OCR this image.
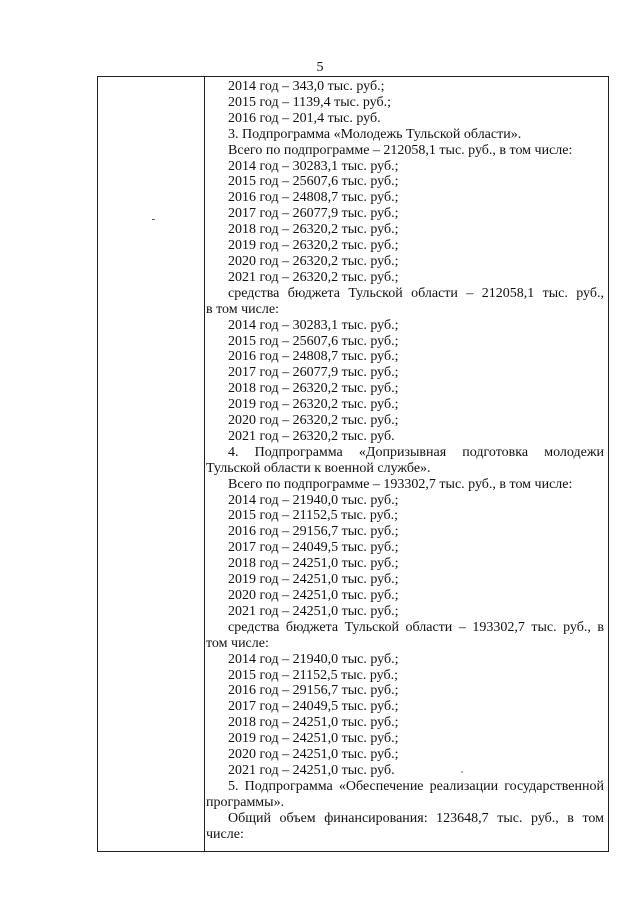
5
2014 год – 343,0 тыс. руб.;
2015 год – 1139,4 тыс. руб.;
2016 год – 201,4 тыс. руб.
3. Подпрограмма «Молодежь Тульской области».
Всего по подпрограмме – 212058,1 тыс. руб., в том числе:
2014 год – 30283,1 тыс. руб.;
2015 год – 25607,6 тыс. руб.;
2016 год – 24808,7 тыс. руб.;
2017 год – 26077,9 тыс. руб.;
2018 год – 26320,2 тыс. руб.;
2019 год – 26320,2 тыс. руб.;
2020 год – 26320,2 тыс. руб.;
2021 год – 26320,2 тыс. руб.;
средства бюджета Тульской области – 212058,1 тыс. руб.,
в том числе:
2014 год – 30283,1 тыс. руб.;
2015 год – 25607,6 тыс. руб.;
2016 год – 24808,7 тыс. руб.;
2017 год – 26077,9 тыс. руб.;
2018 год – 26320,2 тыс. руб.;
2019 год – 26320,2 тыс. руб.;
2020 год – 26320,2 тыс. руб.;
2021 год – 26320,2 тыс. руб.
4. Подпрограмма «Допризывная подготовка молодежи
Тульской области к военной службе».
Всего по подпрограмме – 193302,7 тыс. руб., в том числе:
2014 год – 21940,0 тыс. руб.;
2015 год – 21152,5 тыс. руб.;
2016 год – 29156,7 тыс. руб.;
2017 год – 24049,5 тыс. руб.;
2018 год – 24251,0 тыс. руб.;
2019 год – 24251,0 тыс. руб.;
2020 год – 24251,0 тыс. руб.;
2021 год – 24251,0 тыс. руб.;
средства бюджета Тульской области – 193302,7 тыс. руб., в
том числе:
2014 год – 21940,0 тыс. руб.;
2015 год – 21152,5 тыс. руб.;
2016 год – 29156,7 тыс. руб.;
2017 год – 24049,5 тыс. руб.;
2018 год – 24251,0 тыс. руб.;
2019 год – 24251,0 тыс. руб.;
2020 год – 24251,0 тыс. руб.;
2021 год – 24251,0 тыс. руб.
5. Подпрограмма «Обеспечение реализации государственной
программы».
Общий объем финансирования: 123648,7 тыс. руб., в том
числе:
